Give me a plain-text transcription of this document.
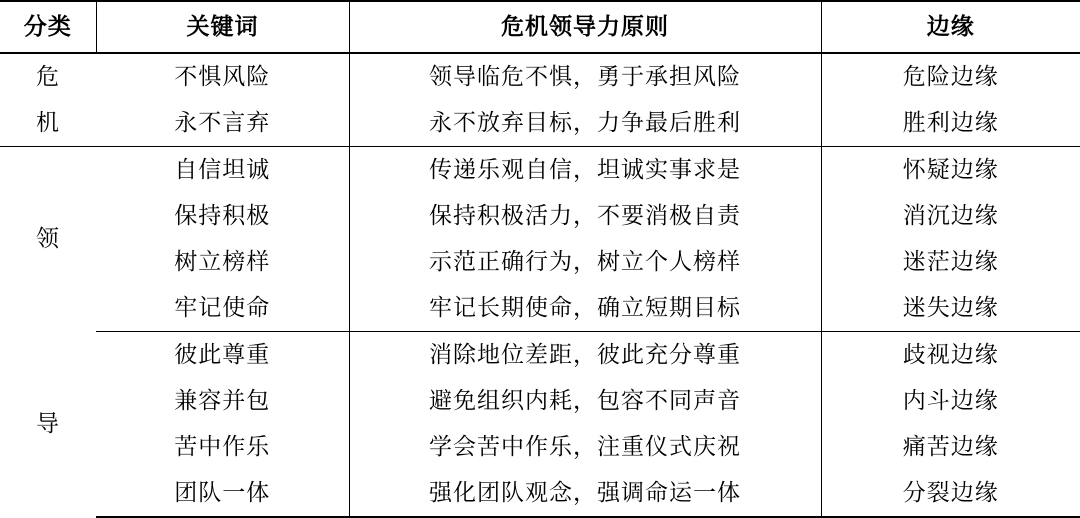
分类	关键词	危机领导力原则	边缘
危	不惧风险	领导临危不惧，勇于承担风险	危险边缘
机	永不言弃	永不放弃目标，力争最后胜利	胜利边缘
领	自信坦诚	传递乐观自信，坦诚实事求是	怀疑边缘
	保持积极	保持积极活力，不要消极自责	消沉边缘
	树立榜样	示范正确行为，树立个人榜样	迷茫边缘
	牢记使命	牢记长期使命，确立短期目标	迷失边缘
导	彼此尊重	消除地位差距，彼此充分尊重	歧视边缘
	兼容并包	避免组织内耗，包容不同声音	内斗边缘
	苦中作乐	学会苦中作乐，注重仪式庆祝	痛苦边缘
	团队一体	强化团队观念，强调命运一体	分裂边缘
